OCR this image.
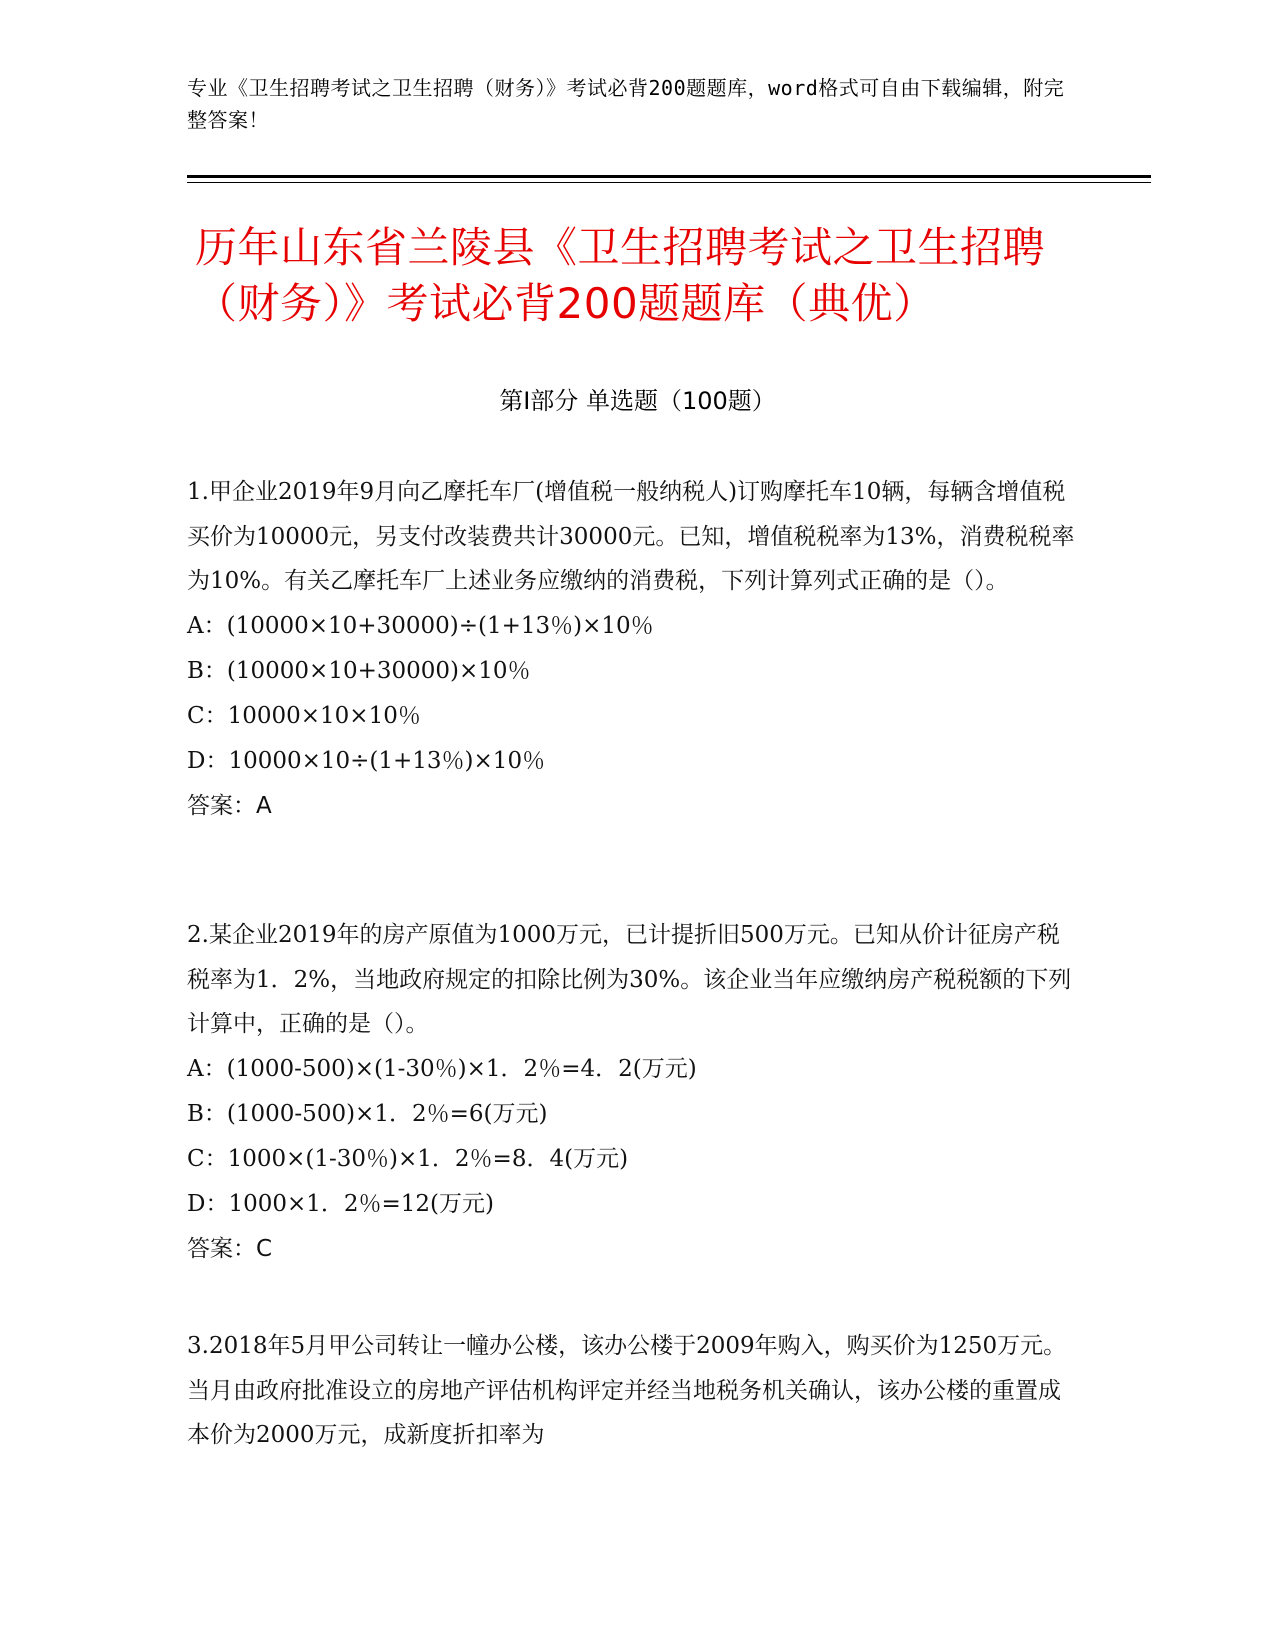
专业《卫生招聘考试之卫生招聘（财务）》考试必背200题题库，word格式可自由下载编辑，附完整答案！
历年山东省兰陵县《卫生招聘考试之卫生招聘（财务）》考试必背200题题库（典优）
第Ⅰ部分 单选题（100题）
1.甲企业2019年9月向乙摩托车厂(增值税一般纳税人)订购摩托车10辆，每辆含增值税买价为10000元，另支付改装费共计30000元。已知，增值税税率为13%，消费税税率为10%。有关乙摩托车厂上述业务应缴纳的消费税，下列计算列式正确的是（）。
A：(10000×10+30000)÷(1+13％)×10％
B：(10000×10+30000)×10％
C：10000×10×10％
D：10000×10÷(1+13％)×10％
答案：A
2.某企业2019年的房产原值为1000万元，已计提折旧500万元。已知从价计征房产税税率为1．2%，当地政府规定的扣除比例为30%。该企业当年应缴纳房产税税额的下列计算中，正确的是（）。
A：(1000-500)×(1-30％)×1．2％=4．2(万元)
B：(1000-500)×1．2％=6(万元)
C：1000×(1-30％)×1．2％=8．4(万元)
D：1000×1．2％=12(万元)
答案：C
3.2018年5月甲公司转让一幢办公楼，该办公楼于2009年购入，购买价为1250万元。当月由政府批准设立的房地产评估机构评定并经当地税务机关确认，该办公楼的重置成本价为2000万元，成新度折扣率为
